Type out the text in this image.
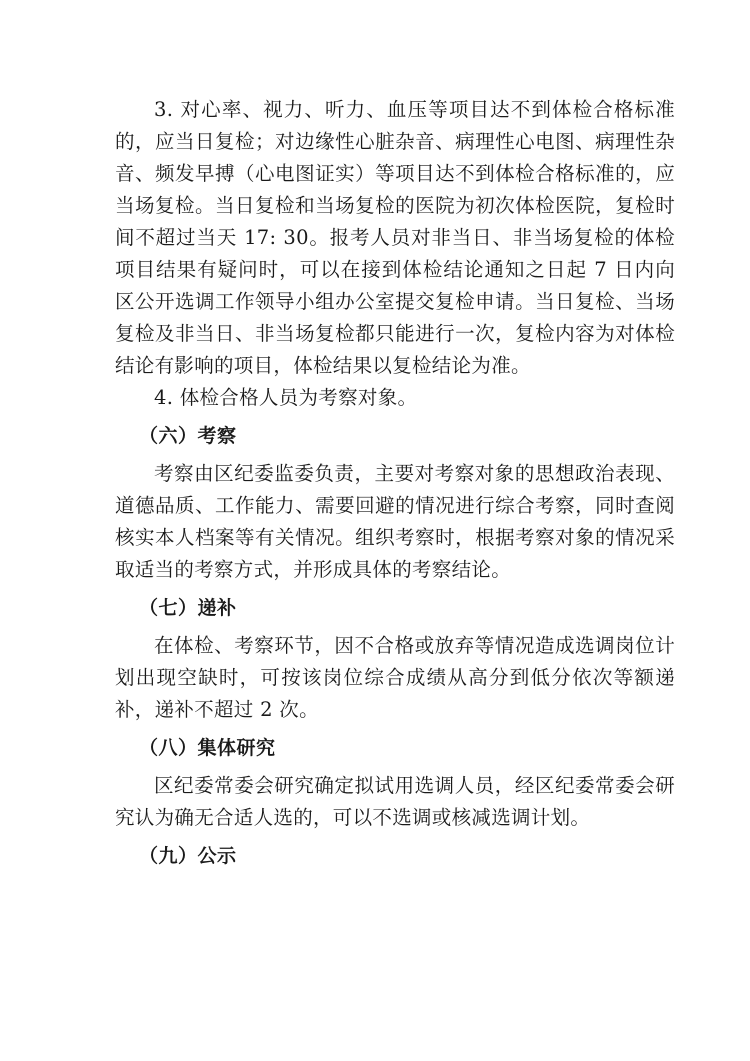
3. 对心率、视力、听力、血压等项目达不到体检合格标准的，应当日复检；对边缘性心脏杂音、病理性心电图、病理性杂音、频发早搏（心电图证实）等项目达不到体检合格标准的，应当场复检。当日复检和当场复检的医院为初次体检医院，复检时间不超过当天 17: 30。报考人员对非当日、非当场复检的体检项目结果有疑问时，可以在接到体检结论通知之日起 7 日内向区公开选调工作领导小组办公室提交复检申请。当日复检、当场复检及非当日、非当场复检都只能进行一次，复检内容为对体检结论有影响的项目，体检结果以复检结论为准。

4. 体检合格人员为考察对象。

（六）考察

考察由区纪委监委负责，主要对考察对象的思想政治表现、道德品质、工作能力、需要回避的情况进行综合考察，同时查阅核实本人档案等有关情况。组织考察时，根据考察对象的情况采取适当的考察方式，并形成具体的考察结论。

（七）递补

在体检、考察环节，因不合格或放弃等情况造成选调岗位计划出现空缺时，可按该岗位综合成绩从高分到低分依次等额递补，递补不超过 2 次。

（八）集体研究

区纪委常委会研究确定拟试用选调人员，经区纪委常委会研究认为确无合适人选的，可以不选调或核减选调计划。

（九）公示
